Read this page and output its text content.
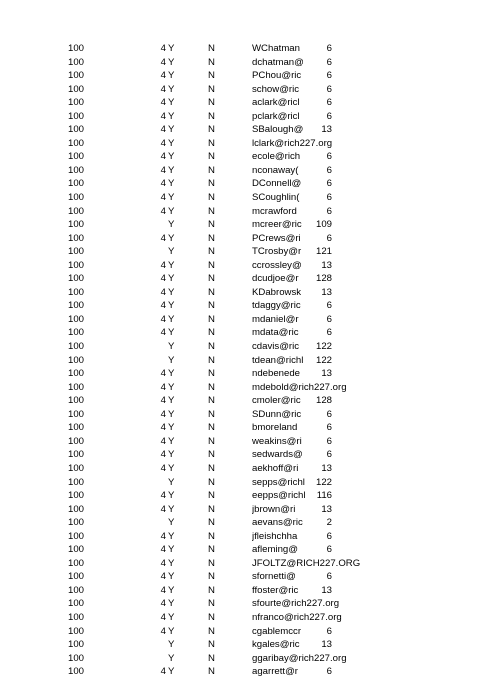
100	4 Y	N	WChatman	6
100	4 Y	N	dchatman@	6
100	4 Y	N	PChou@ric	6
100	4 Y	N	schow@ric	6
100	4 Y	N	aclark@ricl	6
100	4 Y	N	pclark@ricl	6
100	4 Y	N	SBalough@	13
100	4 Y	N	lclark@rich227.org
100	4 Y	N	ecole@rich	6
100	4 Y	N	nconaway(	6
100	4 Y	N	DConnell@	6
100	4 Y	N	SCoughlin(	6
100	4 Y	N	mcrawford	6
100	Y	N	mcreer@ric	109
100	4 Y	N	PCrews@ri	6
100	Y	N	TCrosby@r	121
100	4 Y	N	ccrossley@	13
100	4 Y	N	dcudjoe@r	128
100	4 Y	N	KDabrowsk	13
100	4 Y	N	tdaggy@ric	6
100	4 Y	N	mdaniel@r	6
100	4 Y	N	mdata@ric	6
100	Y	N	cdavis@ric	122
100	Y	N	tdean@richl	122
100	4 Y	N	ndebenede	13
100	4 Y	N	mdebold@rich227.org
100	4 Y	N	cmoler@ric	128
100	4 Y	N	SDunn@ric	6
100	4 Y	N	bmoreland	6
100	4 Y	N	weakins@ri	6
100	4 Y	N	sedwards@	6
100	4 Y	N	aekhoff@ri	13
100	Y	N	sepps@richl	122
100	4 Y	N	eepps@richl	116
100	4 Y	N	jbrown@ri	13
100	Y	N	aevans@ric	2
100	4 Y	N	jfleishchha	6
100	4 Y	N	afleming@	6
100	4 Y	N	JFOLTZ@RICH227.ORG
100	4 Y	N	sfornetti@	6
100	4 Y	N	ffoster@ric	13
100	4 Y	N	sfourte@rich227.org
100	4 Y	N	nfranco@rich227.org
100	4 Y	N	cgablemccr	6
100	Y	N	kgales@ric	13
100	Y	N	ggaribay@rich227.org
100	4 Y	N	agarrett@r	6
